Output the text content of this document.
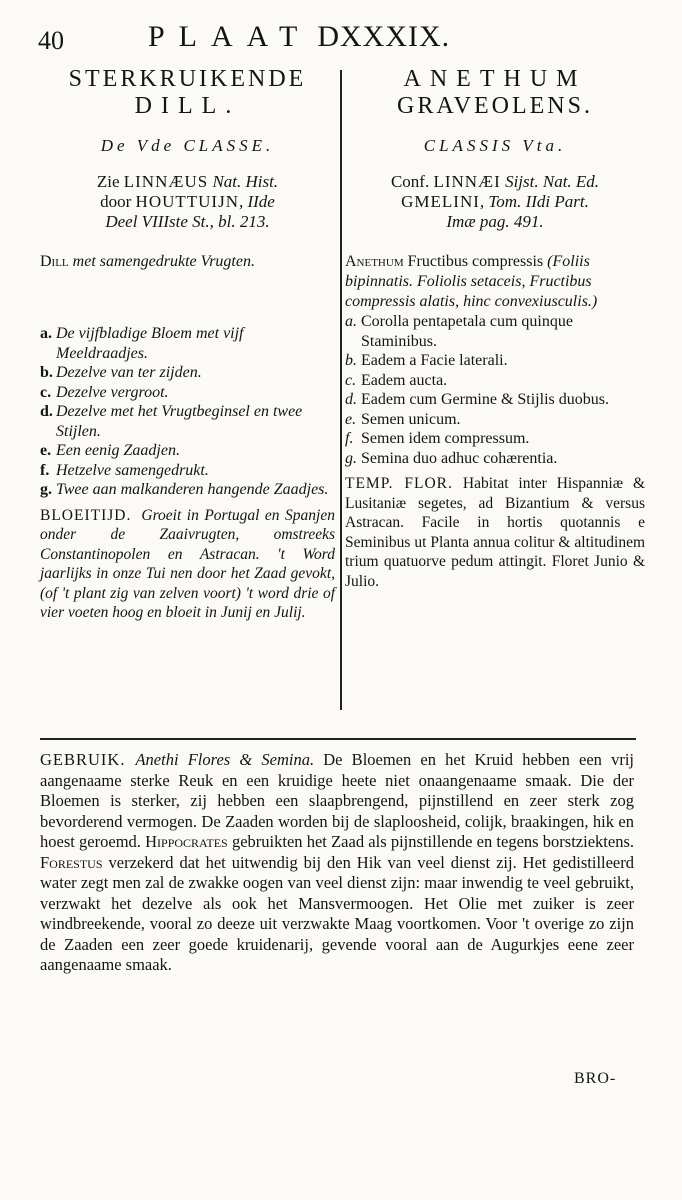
40	PLAAT DXXXIX.
STERKRUIKENDE
DILL.
De Vde CLASSE.
Zie LINNÆUS Nat. Hist.
door HOUTTUIJN, IIde
Deel VIIIste St., bl. 213.
Dill met samengedrukte Vrugten.
a. De vijfbladige Bloem met vijf Meeldraadjes.
b. Dezelve van ter zijden.
c. Dezelve vergroot.
d. Dezelve met het Vrugtbeginsel en twee Stijlen.
e. Een eenig Zaadjen.
f. Hetzelve samengedrukt.
g. Twee aan malkanderen hangende Zaadjes.
BLOEITIJD. Groeit in Portugal en Spanjen onder de Zaaivrugten, omstreeks Constantinopolen en Astracan. 't Word jaarlijks in onze Tui nen door het Zaad gevokt, (of 't plant zig van zelven voort) 't word drie of vier voeten hoog en bloeit in Junij en Julij.
ANETHUM
GRAVEOLENS.
CLASSIS Vta.
Conf. LINNÆI Sijst. Nat. Ed.
GMELINI, Tom. IIdi Part.
Imæ pag. 491.
Anethum Fructibus compressis (Foliis bipinnatis. Foliolis setaceis, Fructibus compressis alatis, hinc convexiusculis.)
a. Corolla pentapetala cum quinque Staminibus.
b. Eadem a Facie laterali.
c. Eadem aucta.
d. Eadem cum Germine & Stijlis duobus.
e. Semen unicum.
f. Semen idem compressum.
g. Semina duo adhuc cohærentia.
TEMP. FLOR. Habitat inter Hispanniæ & Lusitaniæ segetes, ad Bizantium & versus Astracan. Facile in hortis quotannis e Seminibus ut Planta annua colitur & altitudinem trium quatuorve pedum attingit. Floret Junio & Julio.
GEBRUIK. Anethi Flores & Semina. De Bloemen en het Kruid hebben een vrij aangenaame sterke Reuk en een kruidige heete niet onaangenaame smaak. Die der Bloemen is sterker, zij hebben een slaapbrengend, pijnstillend en zeer sterk zog bevorderend vermogen. De Zaaden worden bij de slaploosheid, colijk, braakingen, hik en hoest geroemd. Hippocrates gebruikten het Zaad als pijnstillende en tegens borstziektens. Forestus verzekerd dat het uitwendig bij den Hik van veel dienst zij. Het gedistilleerd water zegt men zal de zwakke oogen van veel dienst zijn: maar inwendig te veel gebruikt, verzwakt het dezelve als ook het Mansvermoogen. Het Olie met zuiker is zeer windbreekende, vooral zo deeze uit verzwakte Maag voortkomen. Voor 't overige zo zijn de Zaaden een zeer goede kruidenarij, gevende vooral aan de Augurkjes eene zeer aangenaame smaak.
BRO-
